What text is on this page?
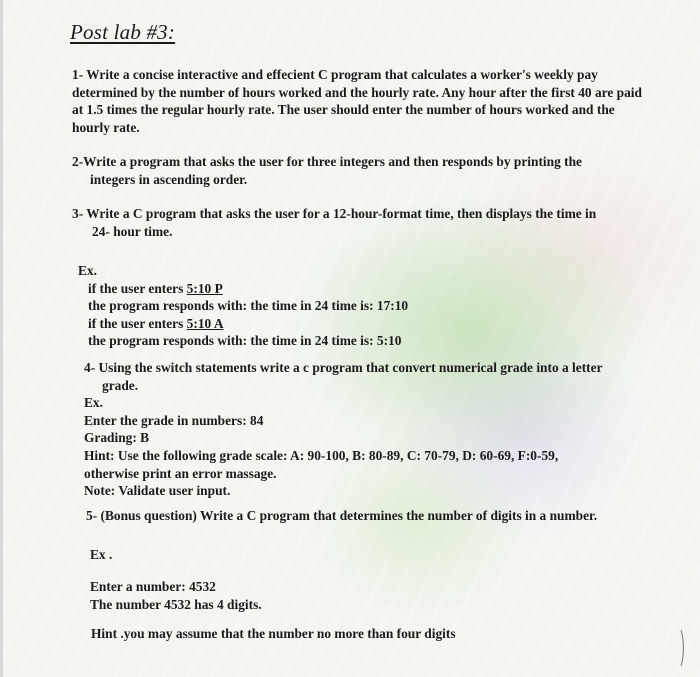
Post lab #3:

1- Write a concise interactive and effecient C program that calculates a worker's weekly pay determined by the number of hours worked and the hourly rate. Any hour after the first 40 are paid at 1.5 times the regular hourly rate. The user should enter the number of hours worked and the hourly rate.

2-Write a program that asks the user for three integers and then responds by printing the
integers in ascending order.

3- Write a C program that asks the user for a 12-hour-format time, then displays the time in
24- hour time.

Ex.
if the user enters 5:10 P
the program responds with: the time in 24 time is: 17:10
if the user enters 5:10 A
the program responds with: the time in 24 time is: 5:10
4- Using the switch statements write a c program that convert numerical grade into a letter
grade.
Ex.
Enter the grade in numbers: 84
Grading: B
Hint: Use the following grade scale: A: 90-100, B: 80-89, C: 70-79, D: 60-69, F:0-59,
otherwise print an error massage.
Note: Validate user input.

5- (Bonus question) Write a C program that determines the number of digits in a number.

Ex .

Enter a number: 4532
The number 4532 has 4 digits.

Hint .you may assume that the number no more than four digits
